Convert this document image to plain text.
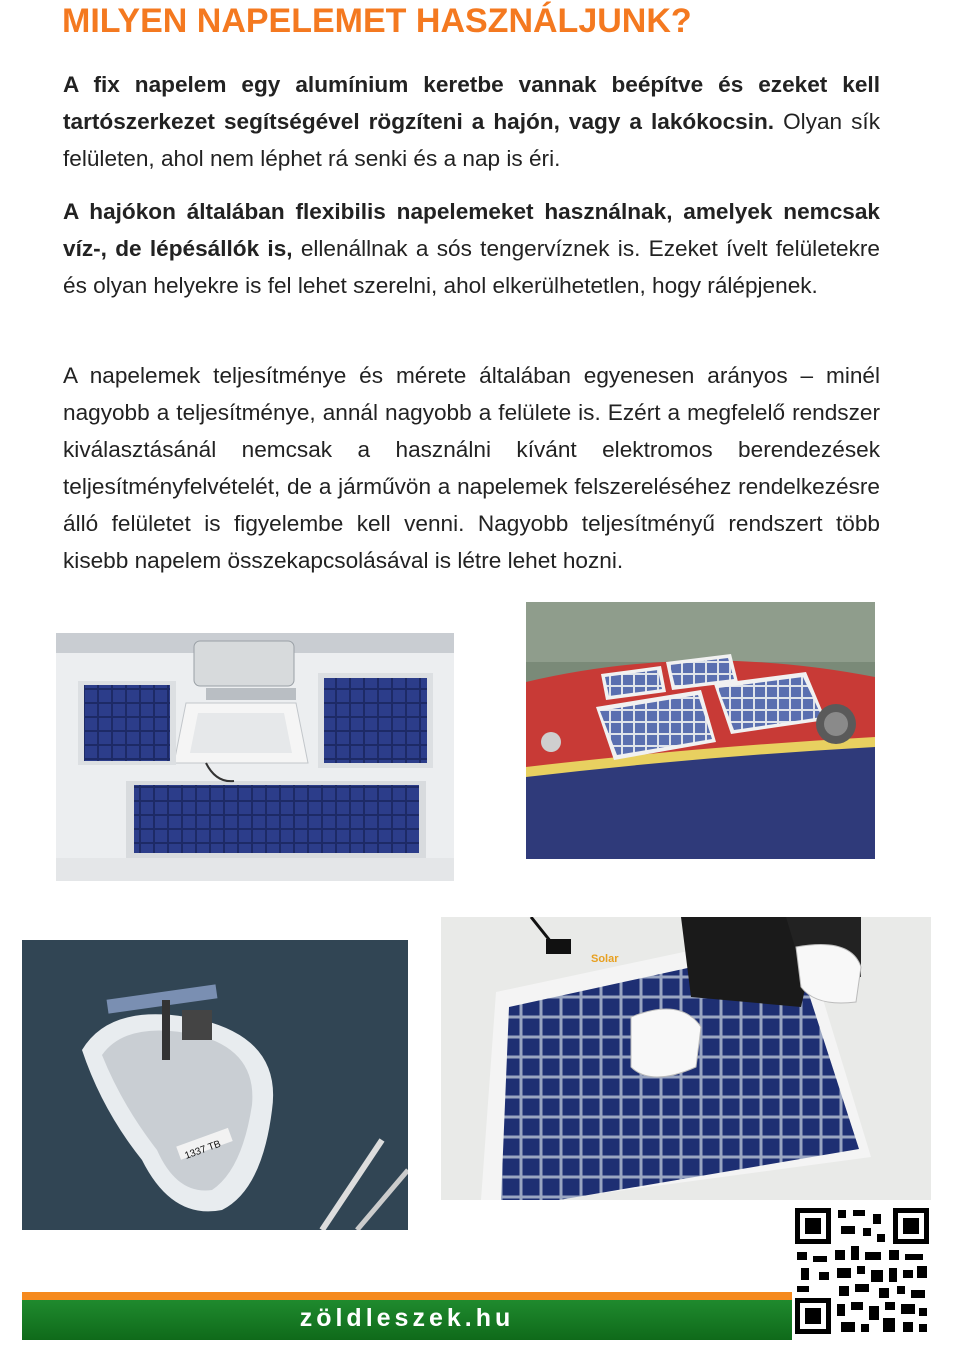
MILYEN NAPELEMET HASZNÁLJUNK?

A fix napelem egy alumínium keretbe vannak beépítve és ezeket kell tartószerkezet segítségével rögzíteni a hajón, vagy a lakókocsin. Olyan sík felületen, ahol nem léphet rá senki és a nap is éri.

A hajókon általában flexibilis napelemeket használnak, amelyek nemcsak víz-, de lépésállók is, ellenállnak a sós tengervíznek is. Ezeket ívelt felületekre és olyan helyekre is fel lehet szerelni, ahol elkerülhetetlen, hogy rálépjenek.

A napelemek teljesítménye és mérete általában egyenesen arányos – minél nagyobb a teljesítménye, annál nagyobb a felülete is. Ezért a megfelelő rendszer kiválasztásánál nemcsak a használni kívánt elektromos berendezések teljesítményfelvételét, de a járművön a napelemek felszereléséhez rendelkezésre álló felületet is figyelembe kell venni. Nagyobb teljesítményű rendszert több kisebb napelem összekapcsolásával is létre lehet hozni.

1337 TB
Solar
zöldleszek.hu
